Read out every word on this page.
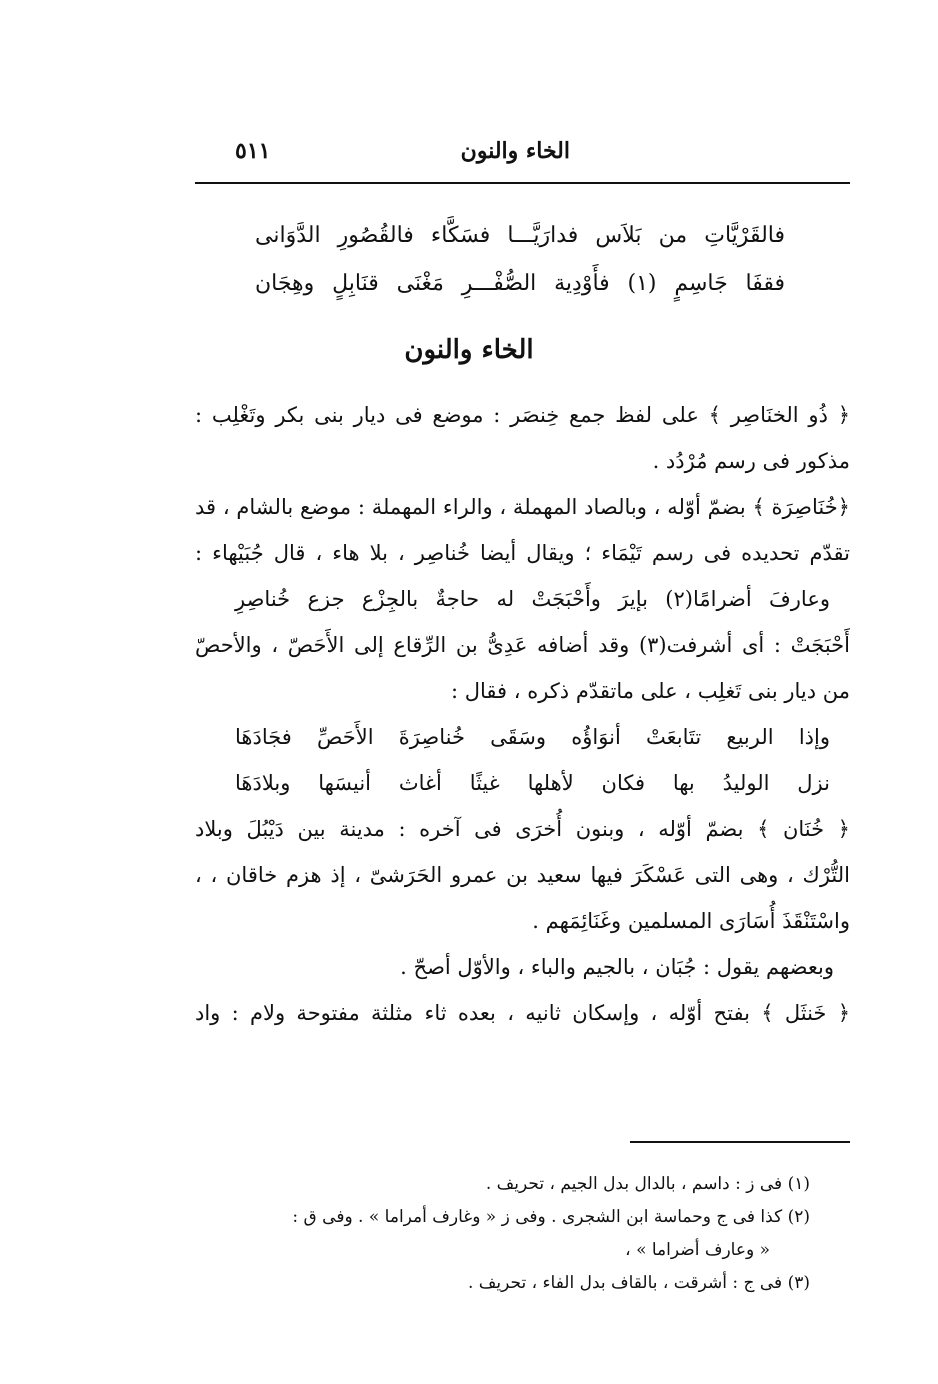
الخاء والنون
٥١١
فالقَرْيَّاتِ من بَلاَس فدارَيَّـــا فسَكَّاء فالقُصُورِ الدَّوَانى
فقفَا جَاسِمٍ (١) فأَوْدِية الصُّفْـــرِ مَغْنَى قنَابِلٍ وهِجَان
الخاء والنون
﴿ ذُو الخنَاصِر ﴾ على لفظ جمع خِنصَر : موضع فى ديار بنى بكر وتَغْلِب :
مذكور فى رسم مُرْدُد .
﴿خُنَاصِرَة ﴾ بضمّ أوّله ، وبالصاد المهملة ، والراء المهملة : موضع بالشام ، قد
تقدّم تحديده فى رسم تَيْمَاء ؛ ويقال أيضا خُناصِر ، بلا هاء ، قال جُبَيْهاء :
وعارفَ أضرامًا(٢) بإيرَ وأَحْبَجَتْ له حاجةٌ بالجِزْع جزع خُناصِرِ
أَحْبَجَتْ : أى أشرفت(٣) وقد أضافه عَدِىُّ بن الرِّقاع إلى الأَحَصّ ، والأحصّ
من ديار بنى تَغلِب ، على ماتقدّم ذكره ، فقال :
وإذا الربيع تتَابعَتْ أنوَاؤُه وسَقَى خُناصِرَةَ الأَحَصِّ فجَادَهَا
نزل الوليدُ بها فكان لأهلها غيثًا أغاث أنيسَها وبلادَهَا
﴿ خُنَان ﴾ بضمّ أوّله ، وبنون أُخرَى فى آخره : مدينة بين دَيْبُلَ وبلاد
التُّرْك ، وهى التى عَسْكَرَ فيها سعيد بن عمرو الحَرَشىّ ، إذ هزم خاقان ، ،
واسْتَنْقَذَ أُسَارَى المسلمين وغَنَائِمَهم .
وبعضهم يقول : جُبَان ، بالجيم والباء ، والأوّل أصحّ .
﴿ خَنثَل ﴾ بفتح أوّله ، وإسكان ثانيه ، بعده ثاء مثلثة مفتوحة ولام : واد
(١) فى ز : داسم ، بالدال بدل الجيم ، تحريف .
(٢) كذا فى ج وحماسة ابن الشجرى . وفى ز « وغارف أمراما » . وفى ق :
« وعارف أضراما » ،
(٣) فى ج : أشرقت ، بالقاف بدل الفاء ، تحريف .
